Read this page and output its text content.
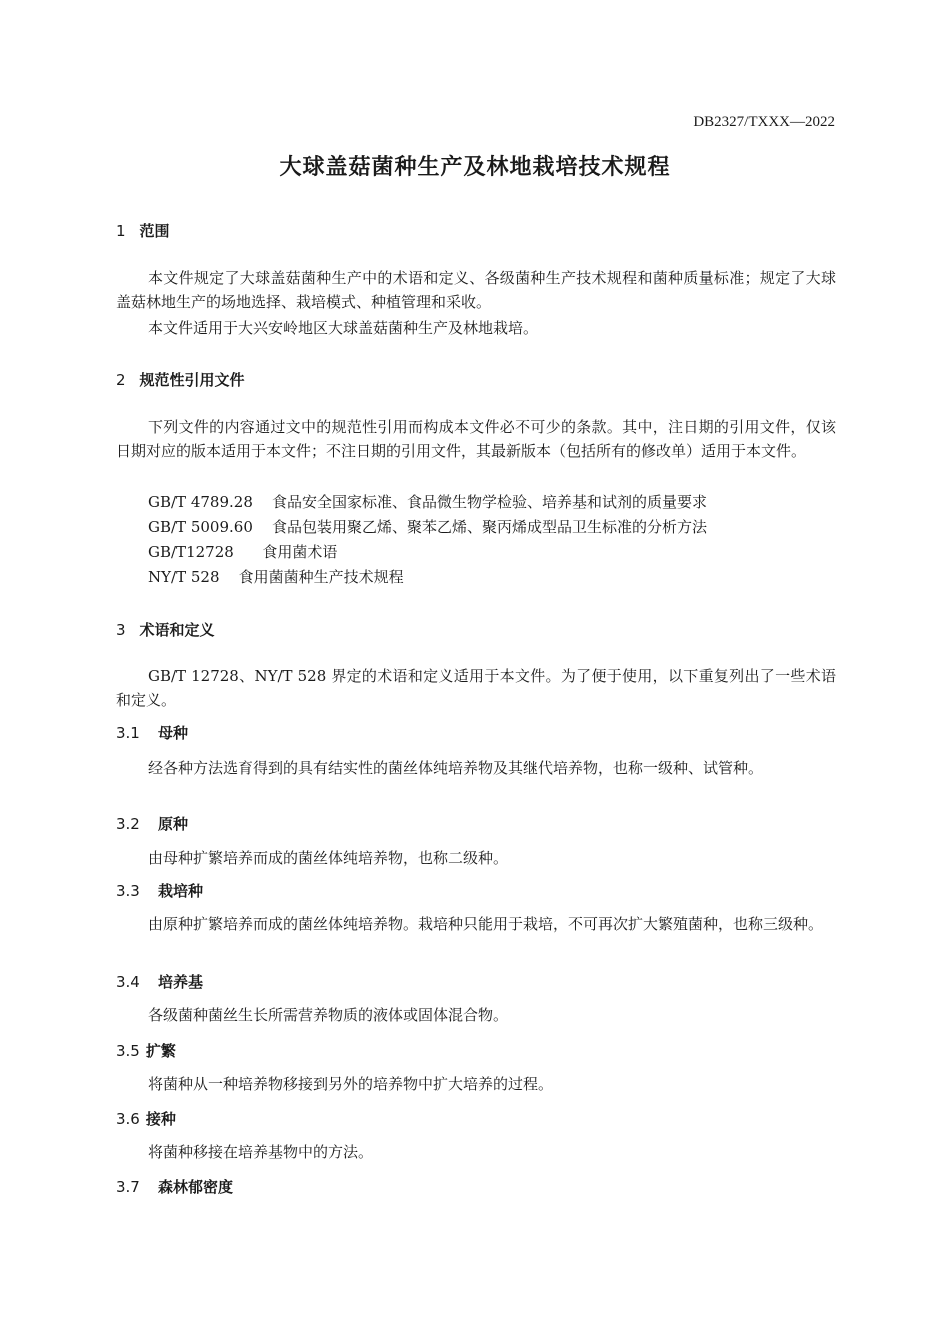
DB2327/TXXX—2022
大球盖菇菌种生产及林地栽培技术规程
1 范围
本文件规定了大球盖菇菌种生产中的术语和定义、各级菌种生产技术规程和菌种质量标准；规定了大球盖菇林地生产的场地选择、栽培模式、种植管理和采收。
本文件适用于大兴安岭地区大球盖菇菌种生产及林地栽培。
2 规范性引用文件
下列文件的内容通过文中的规范性引用而构成本文件必不可少的条款。其中，注日期的引用文件，仅该日期对应的版本适用于本文件；不注日期的引用文件，其最新版本（包括所有的修改单）适用于本文件。
GB/T 4789.28 食品安全国家标准、食品微生物学检验、培养基和试剂的质量要求
GB/T 5009.60 食品包装用聚乙烯、聚苯乙烯、聚丙烯成型品卫生标准的分析方法
GB/T12728 食用菌术语
NY/T 528 食用菌菌种生产技术规程
3 术语和定义
GB/T 12728、NY/T 528 界定的术语和定义适用于本文件。为了便于使用，以下重复列出了一些术语和定义。
3.1 母种
经各种方法选育得到的具有结实性的菌丝体纯培养物及其继代培养物，也称一级种、试管种。
3.2 原种
由母种扩繁培养而成的菌丝体纯培养物，也称二级种。
3.3 栽培种
由原种扩繁培养而成的菌丝体纯培养物。栽培种只能用于栽培，不可再次扩大繁殖菌种，也称三级种。
3.4 培养基
各级菌种菌丝生长所需营养物质的液体或固体混合物。
3.5 扩繁
将菌种从一种培养物移接到另外的培养物中扩大培养的过程。
3.6 接种
将菌种移接在培养基物中的方法。
3.7 森林郁密度
